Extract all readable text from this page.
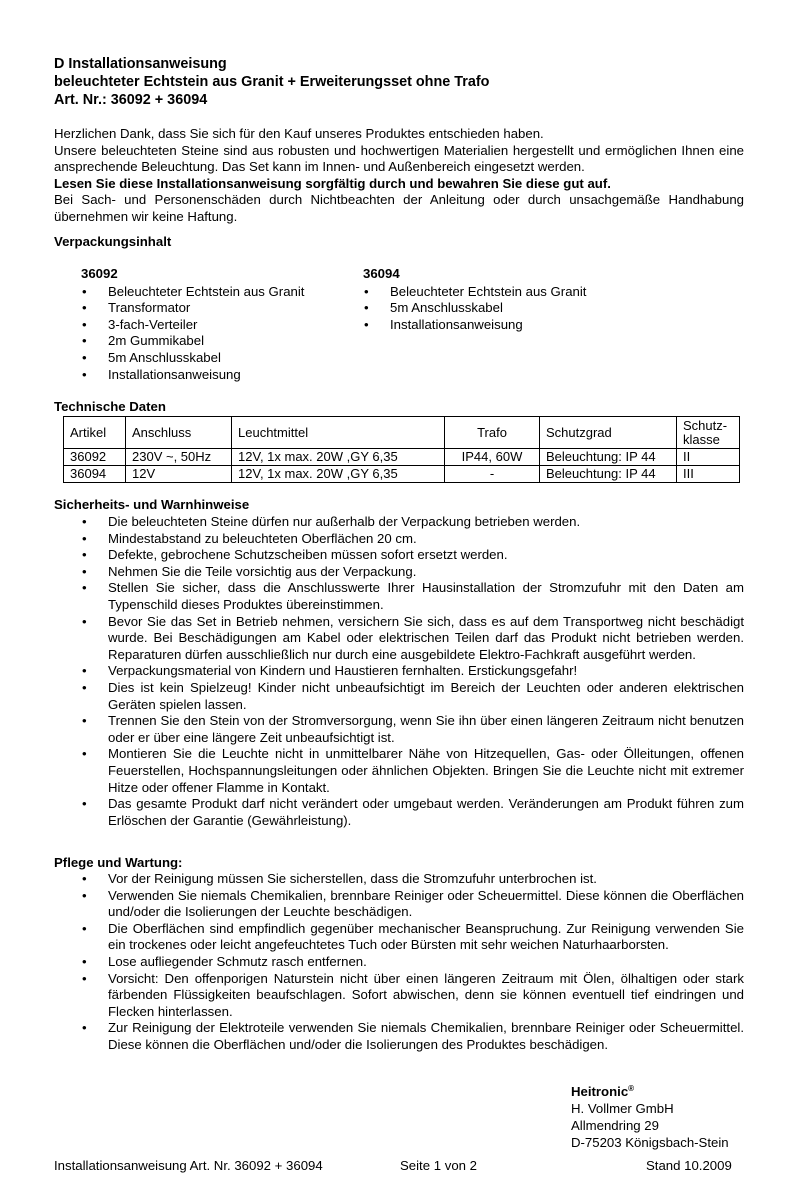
D Installationsanweisung
beleuchteter Echtstein aus Granit + Erweiterungsset ohne Trafo
Art. Nr.: 36092 + 36094
Herzlichen Dank, dass Sie sich für den Kauf unseres Produktes entschieden haben.
Unsere beleuchteten Steine sind aus robusten und hochwertigen Materialien hergestellt und ermöglichen Ihnen eine ansprechende Beleuchtung. Das Set kann im Innen- und Außenbereich eingesetzt werden.
Lesen Sie diese Installationsanweisung sorgfältig durch und bewahren Sie diese gut auf.
Bei Sach- und Personenschäden durch Nichtbeachten der Anleitung oder durch unsachgemäße Handhabung übernehmen wir keine Haftung.
Verpackungsinhalt
36092
• Beleuchteter Echtstein aus Granit
• Transformator
• 3-fach-Verteiler
• 2m Gummikabel
• 5m Anschlusskabel
• Installationsanweisung
36094
• Beleuchteter Echtstein aus Granit
• 5m Anschlusskabel
• Installationsanweisung
Technische Daten
Artikel	Anschluss	Leuchtmittel	Trafo	Schutzgrad	Schutz-
klasse
36092	230V ~, 50Hz	12V, 1x max. 20W ,GY 6,35	IP44, 60W	Beleuchtung: IP 44	II
36094	12V	12V, 1x max. 20W ,GY 6,35	-	Beleuchtung: IP 44	III
Sicherheits- und Warnhinweise
• Die beleuchteten Steine dürfen nur außerhalb der Verpackung betrieben werden.
• Mindestabstand zu beleuchteten Oberflächen 20 cm.
• Defekte, gebrochene Schutzscheiben müssen sofort ersetzt werden.
• Nehmen Sie die Teile vorsichtig aus der Verpackung.
• Stellen Sie sicher, dass die Anschlusswerte Ihrer Hausinstallation der Stromzufuhr mit den Daten am Typenschild dieses Produktes übereinstimmen.
• Bevor Sie das Set in Betrieb nehmen, versichern Sie sich, dass es auf dem Transportweg nicht beschädigt wurde. Bei Beschädigungen am Kabel oder elektrischen Teilen darf das Produkt nicht betrieben werden. Reparaturen dürfen ausschließlich nur durch eine ausgebildete Elektro-Fachkraft ausgeführt werden.
• Verpackungsmaterial von Kindern und Haustieren fernhalten. Erstickungsgefahr!
• Dies ist kein Spielzeug! Kinder nicht unbeaufsichtigt im Bereich der Leuchten oder anderen elektrischen Geräten spielen lassen.
• Trennen Sie den Stein von der Stromversorgung, wenn Sie ihn über einen längeren Zeitraum nicht benutzen oder er über eine längere Zeit unbeaufsichtigt ist.
• Montieren Sie die Leuchte nicht in unmittelbarer Nähe von Hitzequellen, Gas- oder Ölleitungen, offenen Feuerstellen, Hochspannungsleitungen oder ähnlichen Objekten. Bringen Sie die Leuchte nicht mit extremer Hitze oder offener Flamme in Kontakt.
• Das gesamte Produkt darf nicht verändert oder umgebaut werden. Veränderungen am Produkt führen zum Erlöschen der Garantie (Gewährleistung).
Pflege und Wartung:
• Vor der Reinigung müssen Sie sicherstellen, dass die Stromzufuhr unterbrochen ist.
• Verwenden Sie niemals Chemikalien, brennbare Reiniger oder Scheuermittel. Diese können die Oberflächen und/oder die Isolierungen der Leuchte beschädigen.
• Die Oberflächen sind empfindlich gegenüber mechanischer Beanspruchung. Zur Reinigung verwenden Sie ein trockenes oder leicht angefeuchtetes Tuch oder Bürsten mit sehr weichen Naturhaarborsten.
• Lose aufliegender Schmutz rasch entfernen.
• Vorsicht: Den offenporigen Naturstein nicht über einen längeren Zeitraum mit Ölen, ölhaltigen oder stark färbenden Flüssigkeiten beaufschlagen. Sofort abwischen, denn sie können eventuell tief eindringen und Flecken hinterlassen.
• Zur Reinigung der Elektroteile verwenden Sie niemals Chemikalien, brennbare Reiniger oder Scheuermittel. Diese können die Oberflächen und/oder die Isolierungen des Produktes beschädigen.
Heitronic®
H. Vollmer GmbH
Allmendring 29
D-75203 Königsbach-Stein
Installationsanweisung Art. Nr. 36092 + 36094	Seite 1 von 2	Stand 10.2009
